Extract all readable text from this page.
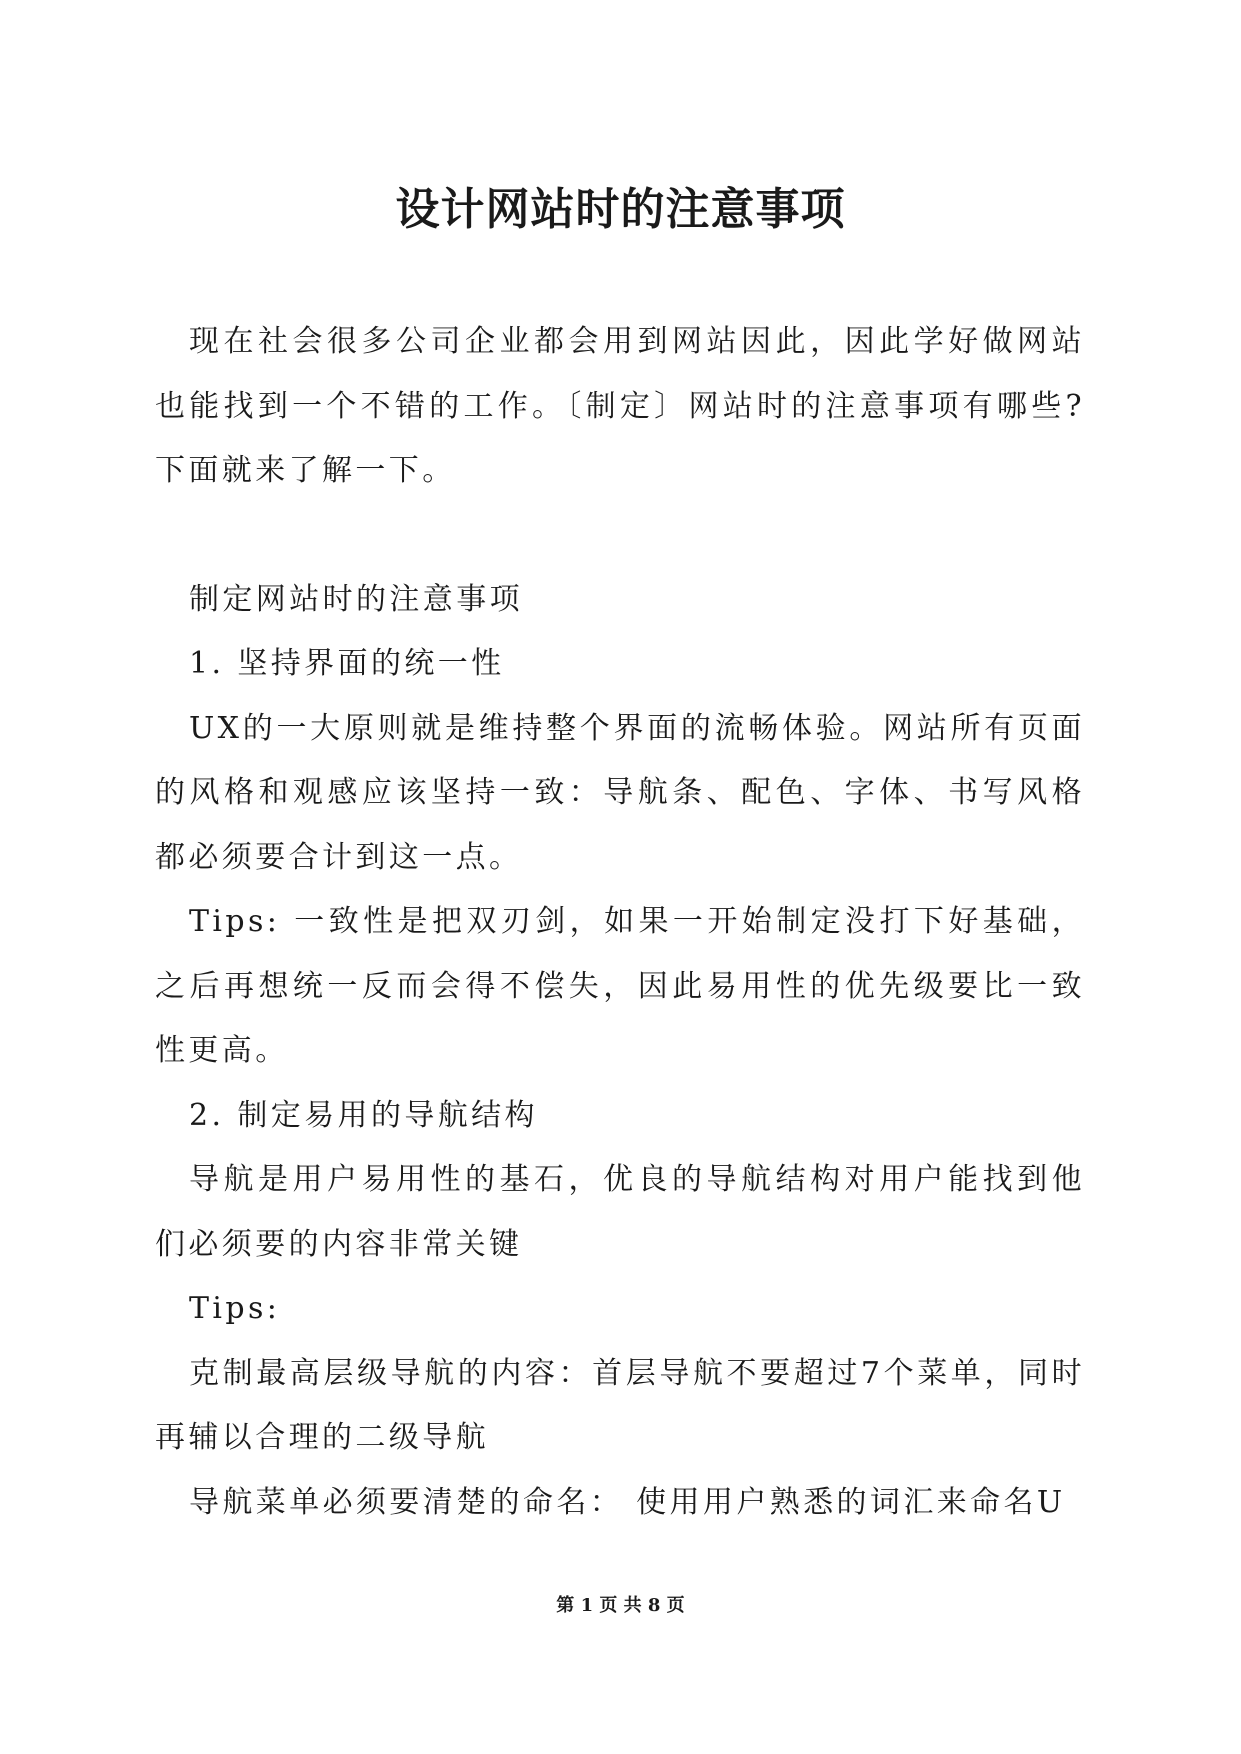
设计网站时的注意事项

现在社会很多公司企业都会用到网站因此，因此学好做网站也能找到一个不错的工作。〔制定〕网站时的注意事项有哪些?下面就来了解一下。

制定网站时的注意事项

1. 坚持界面的统一性

UX的一大原则就是维持整个界面的流畅体验。网站所有页面的风格和观感应该坚持一致：导航条、配色、字体、书写风格都必须要合计到这一点。

Tips: 一致性是把双刃剑，如果一开始制定没打下好基础，之后再想统一反而会得不偿失，因此易用性的优先级要比一致性更高。

2. 制定易用的导航结构

导航是用户易用性的基石，优良的导航结构对用户能找到他们必须要的内容非常关键

Tips:

克制最高层级导航的内容：首层导航不要超过7个菜单，同时再辅以合理的二级导航

导航菜单必须要清楚的命名： 使用用户熟悉的词汇来命名U

第 1 页 共 8 页
